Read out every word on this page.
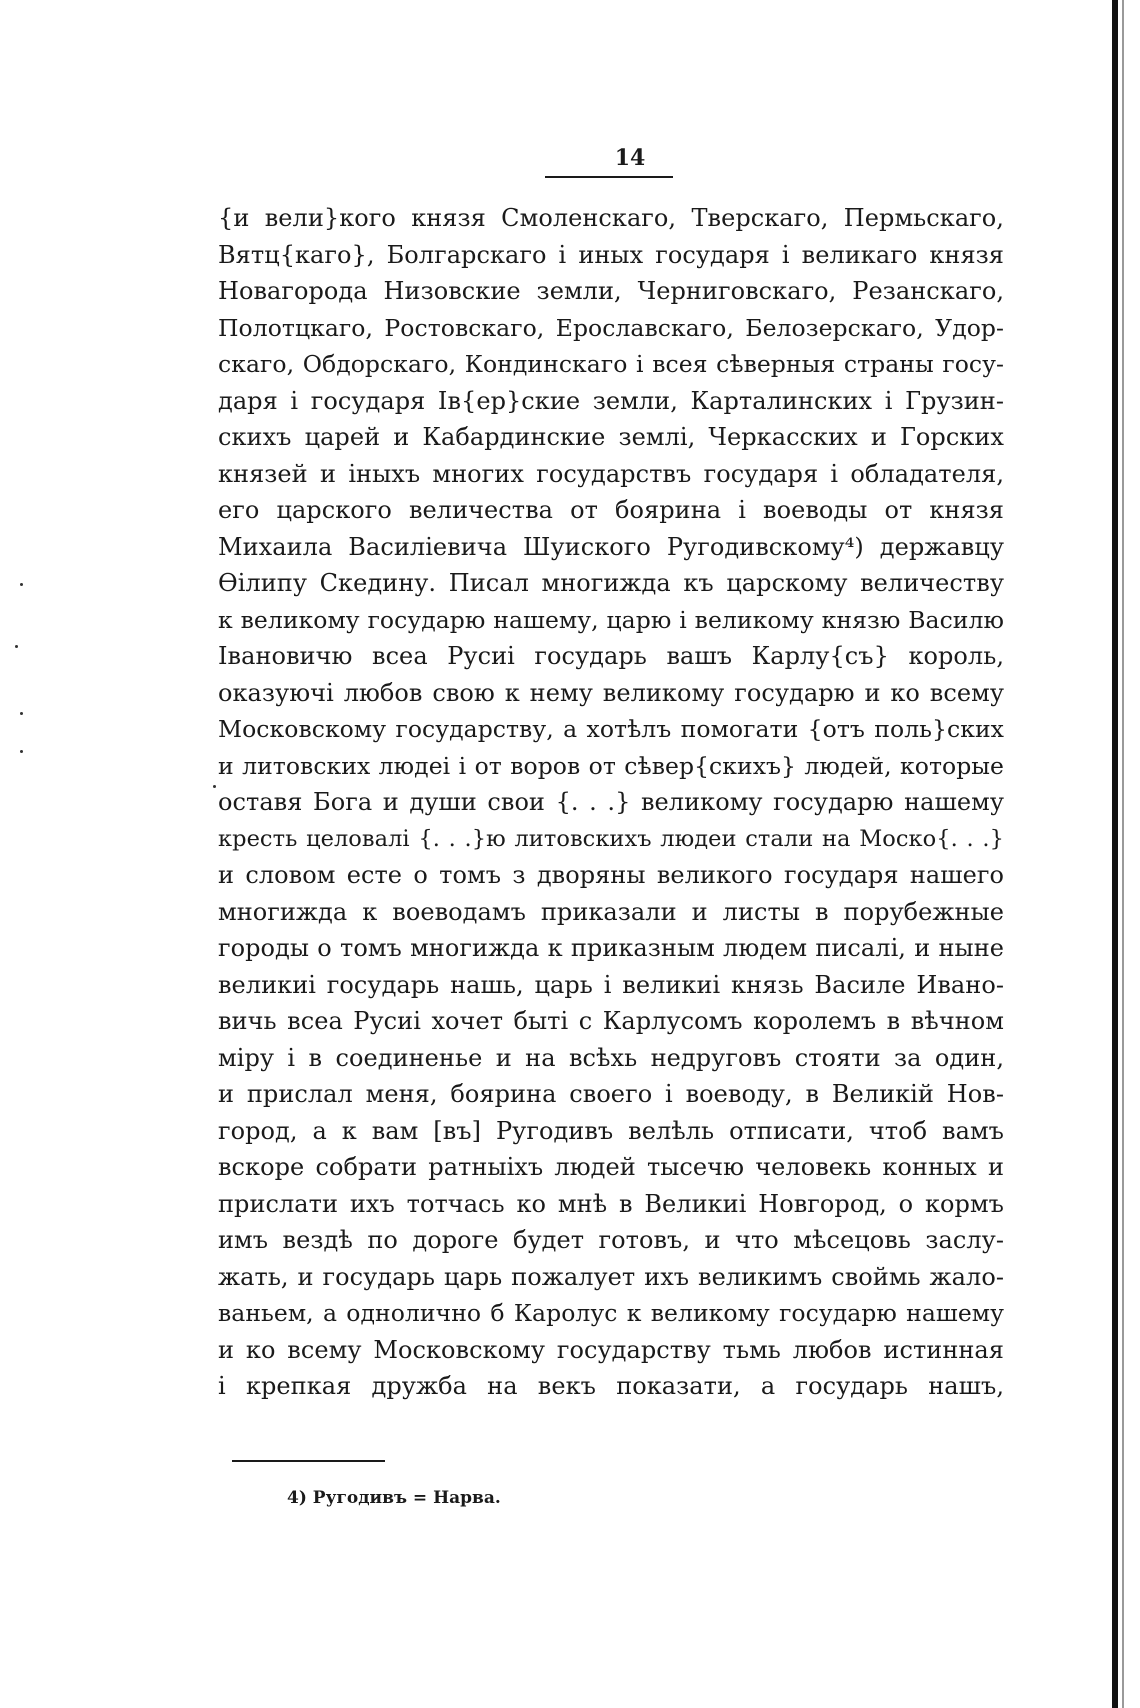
14
{и вели}кого князя Смоленскаго, Тверскаго, Пермьскаго,
Вятц{каго}, Болгарскаго і иных государя і великаго князя
Новагорода Низовские земли, Черниговскаго, Резанскаго,
Полотцкаго, Ростовскаго, Ерославскаго, Белозерскаго, Удор-
скаго, Обдорскаго, Кондинскаго і всея сѣверныя страны госу-
даря і государя Ів{ер}ские земли, Карталинских і Грузин-
скихъ царей и Кабардинские землі, Черкасских и Горских
князей и іныхъ многих государствъ государя і обладателя,
его царского величества от боярина і воеводы от князя
Михаила Василіевича Шуиского Ругодивскому⁴) державцу
Ѳілипу Скедину. Писал многижда къ царскому величеству
к великому государю нашему, царю і великому князю Василю
Івановичю всеа Русиі государь вашъ Карлу{съ} король,
оказуючі любов свою к нему великому государю и ко всему
Московскому государству, а хотѣлъ помогати {отъ поль}ских
и литовских людеі і от воров от сѣвер{скихъ} людей, которые
оставя Бога и души свои {. . .} великому государю нашему
кресть целовалі {. . .}ю литовскихъ людеи стали на Моско{. . .}
и словом есте о томъ з дворяны великого государя нашего
многижда к воеводамъ приказали и листы в порубежные
городы о томъ многижда к приказным людем писалі, и ныне
великиі государь нашь, царь і великиі князь Василе Ивано-
вичь всеа Русиі хочет быті с Карлусомъ королемъ в вѣчном
міру і в соединенье и на всѣхь недруговъ стояти за один,
и прислал меня, боярина своего і воеводу, в Великій Нов-
город, а к вам [въ] Ругодивъ велѣль отписати, чтоб вамъ
вскоре собрати ратныіхъ людей тысечю человекь конных и
прислати ихъ тотчась ко мнѣ в Великиі Новгород, о кормъ
имъ вездѣ по дороге будет готовъ, и что мѣсецовь заслу-
жать, и государь царь пожалует ихъ великимъ своймь жало-
ваньем, а однолично б Каролус к великому государю нашему
и ко всему Московскому государству тьмь любов истинная
і крепкая дружба на векъ показати, а государь нашъ,
4) Ругодивъ = Нарва.
